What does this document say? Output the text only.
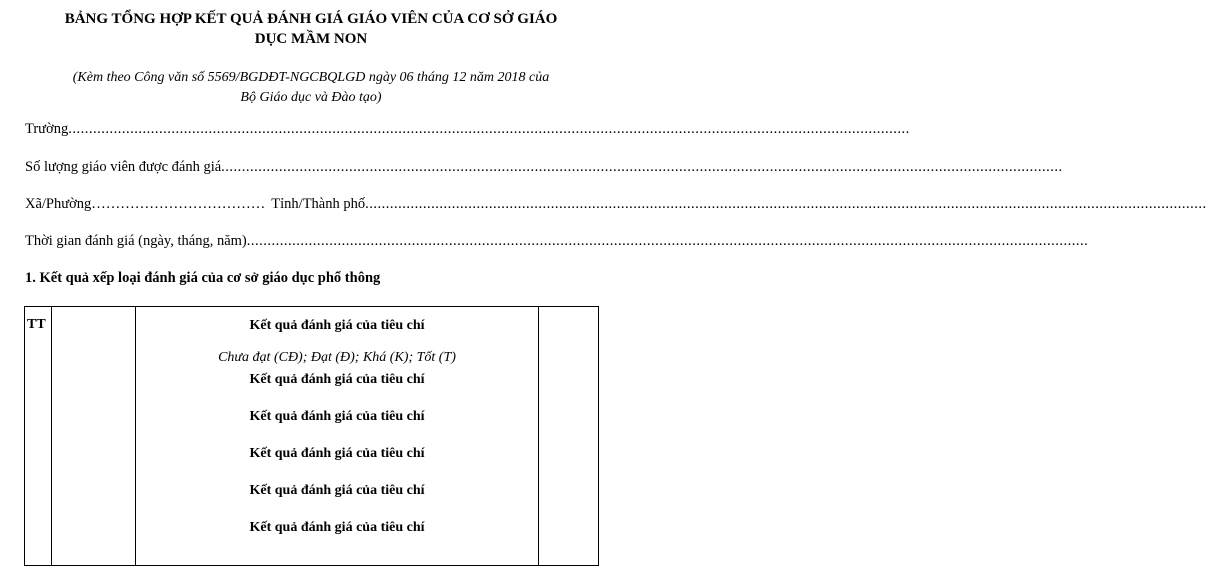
BẢNG TỔNG HỢP KẾT QUẢ ĐÁNH GIÁ GIÁO VIÊN CỦA CƠ SỞ GIÁO
DỤC MẦM NON
(Kèm theo Công văn số 5569/BGDĐT-NGCBQLGD ngày 06 tháng 12 năm 2018 của
Bộ Giáo dục và Đào tạo)
Trường ............................................................................................................................................................................................................
Số lượng giáo viên được đánh giá ............................................................................................................................................................................................................
Xã/Phường ……………………………… Tỉnh/Thành phố ............................................................................................................................................................................................................
Thời gian đánh giá (ngày, tháng, năm) ............................................................................................................................................................................................................
1. Kết quả xếp loại đánh giá của cơ sở giáo dục phổ thông
TT		Kết quả đánh giá của tiêu chí
Chưa đạt (CĐ); Đạt (Đ); Khá (K); Tốt (T)
Kết quả đánh giá của tiêu chí
Kết quả đánh giá của tiêu chí
Kết quả đánh giá của tiêu chí
Kết quả đánh giá của tiêu chí
Kết quả đánh giá của tiêu chí
